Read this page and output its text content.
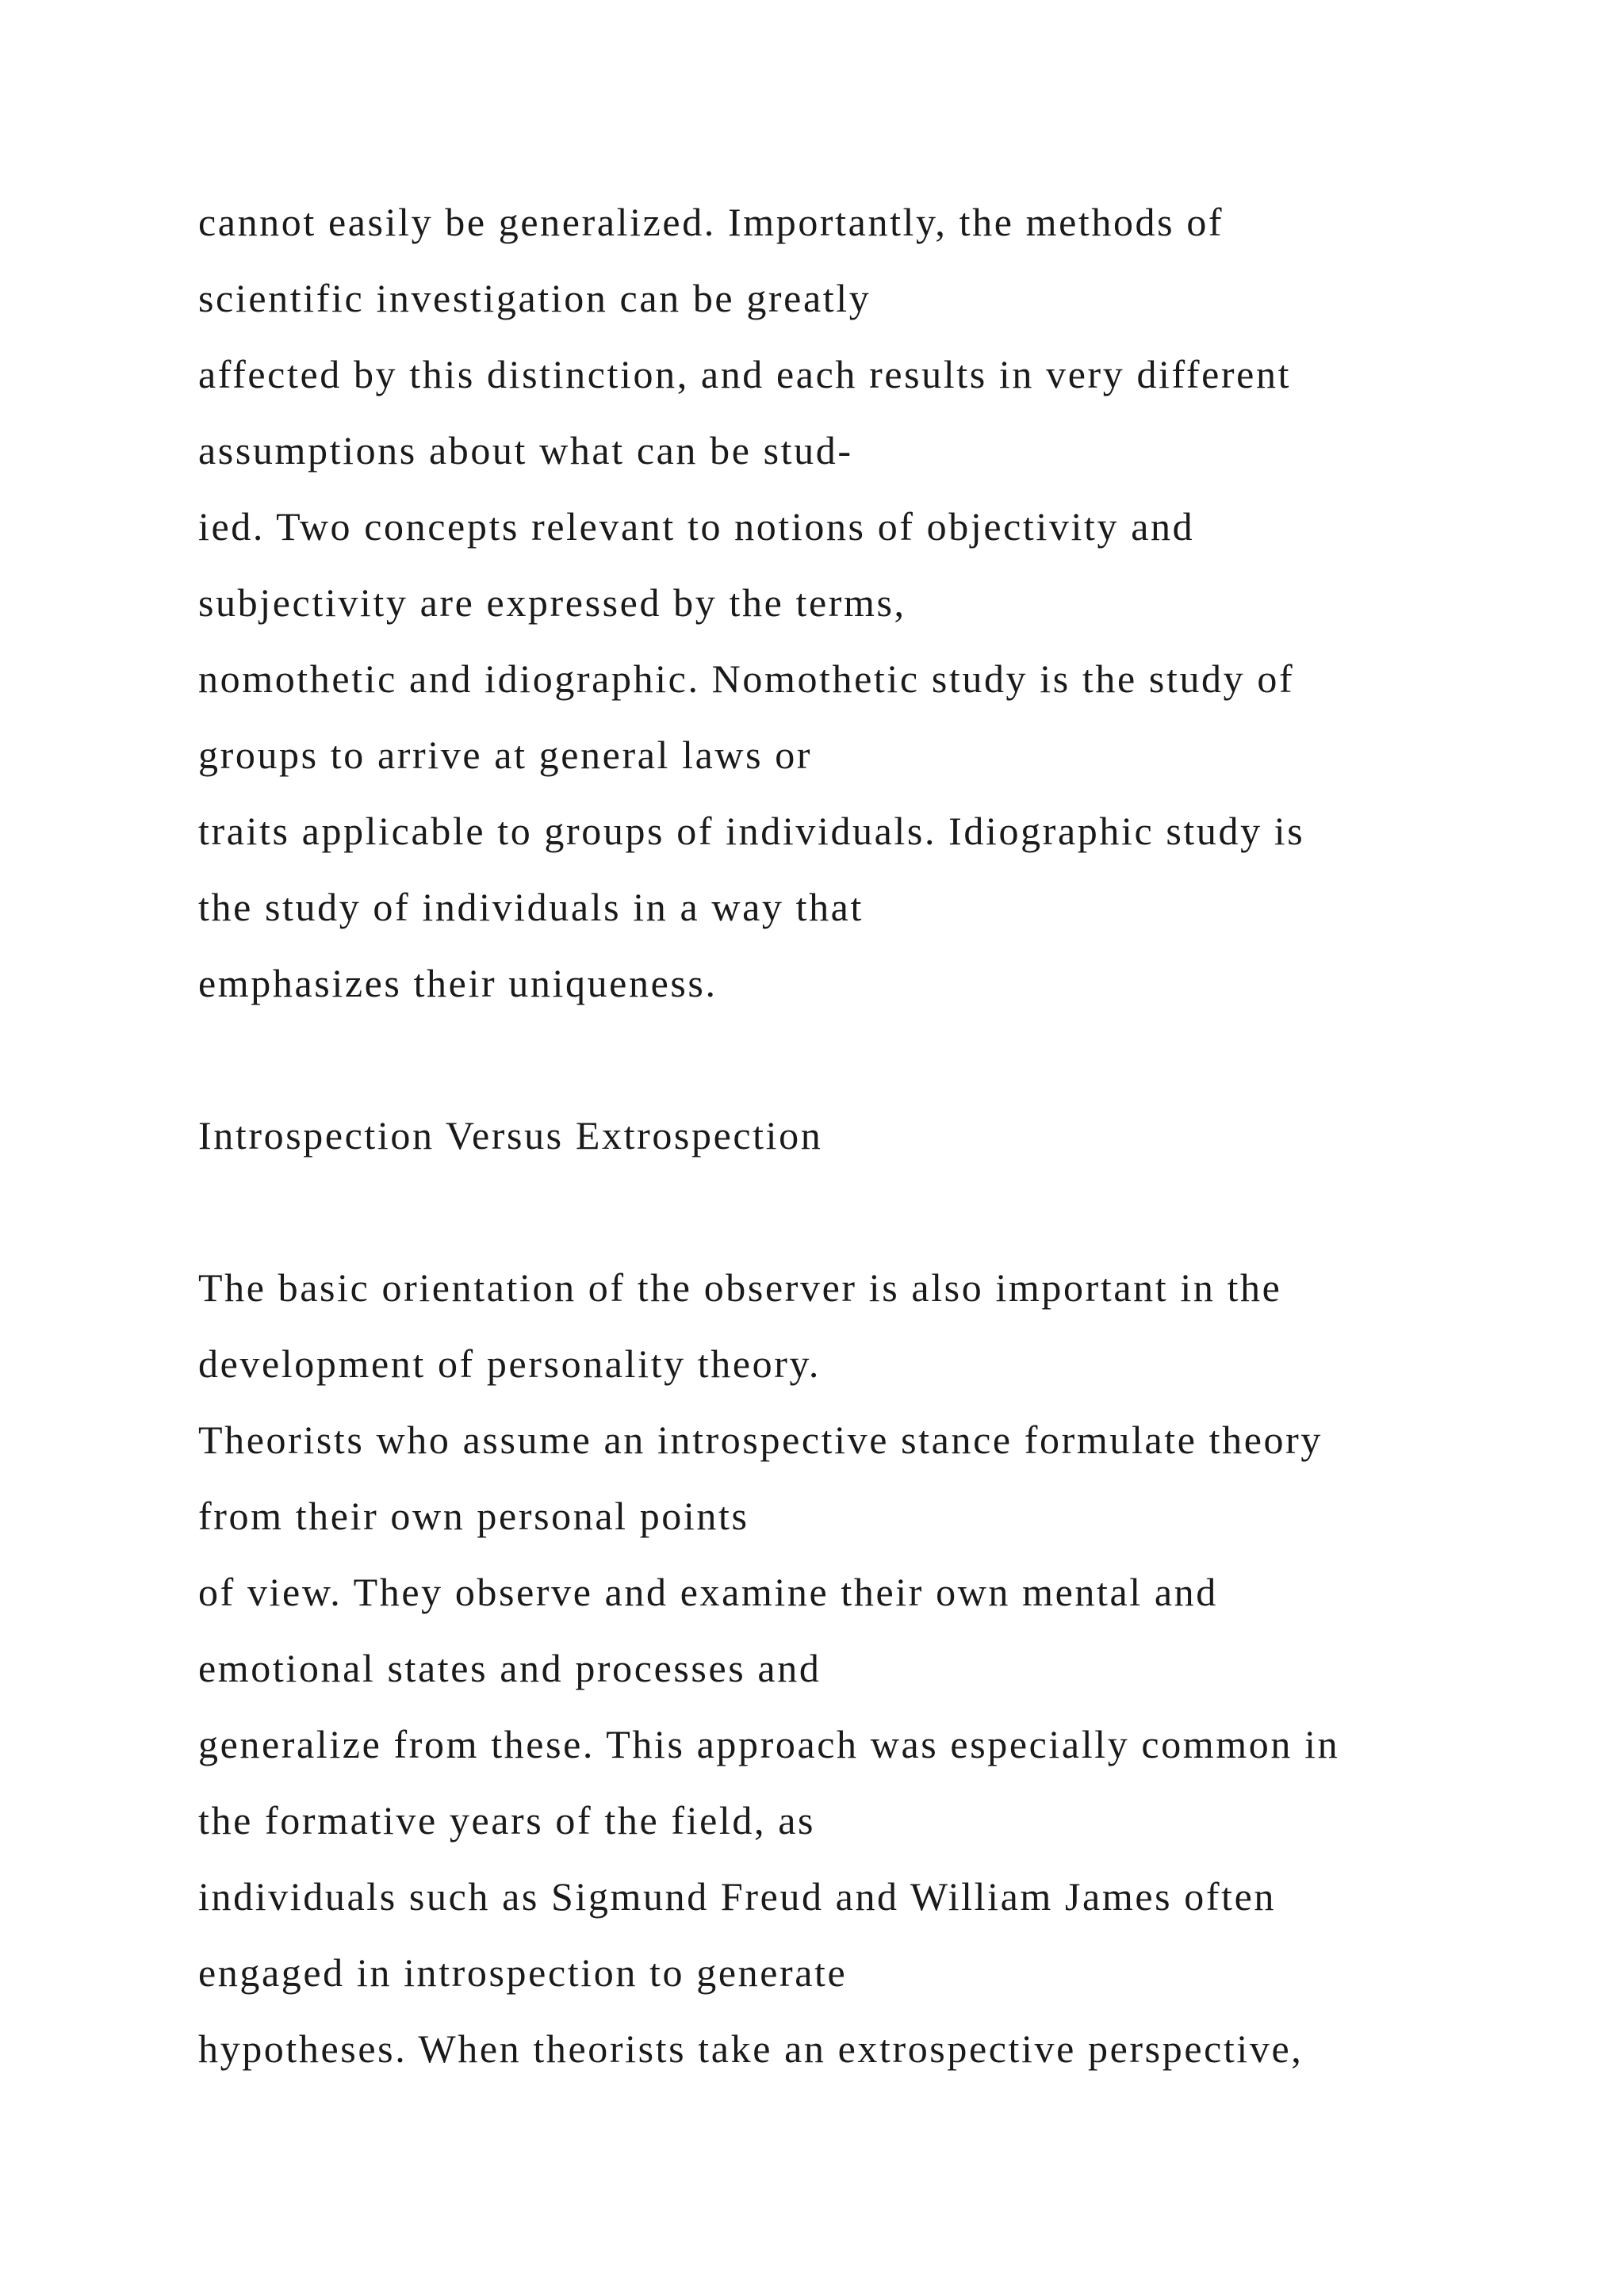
cannot easily be generalized. Importantly, the methods of
scientific investigation can be greatly
affected by this distinction, and each results in very different
assumptions about what can be stud-
ied. Two concepts relevant to notions of objectivity and
subjectivity are expressed by the terms,
nomothetic and idiographic. Nomothetic study is the study of
groups to arrive at general laws or
traits applicable to groups of individuals. Idiographic study is
the study of individuals in a way that
emphasizes their uniqueness.
Introspection Versus Extrospection
The basic orientation of the observer is also important in the
development of personality theory.
Theorists who assume an introspective stance formulate theory
from their own personal points
of view. They observe and examine their own mental and
emotional states and processes and
generalize from these. This approach was especially common in
the formative years of the field, as
individuals such as Sigmund Freud and William James often
engaged in introspection to generate
hypotheses. When theorists take an extrospective perspective,
